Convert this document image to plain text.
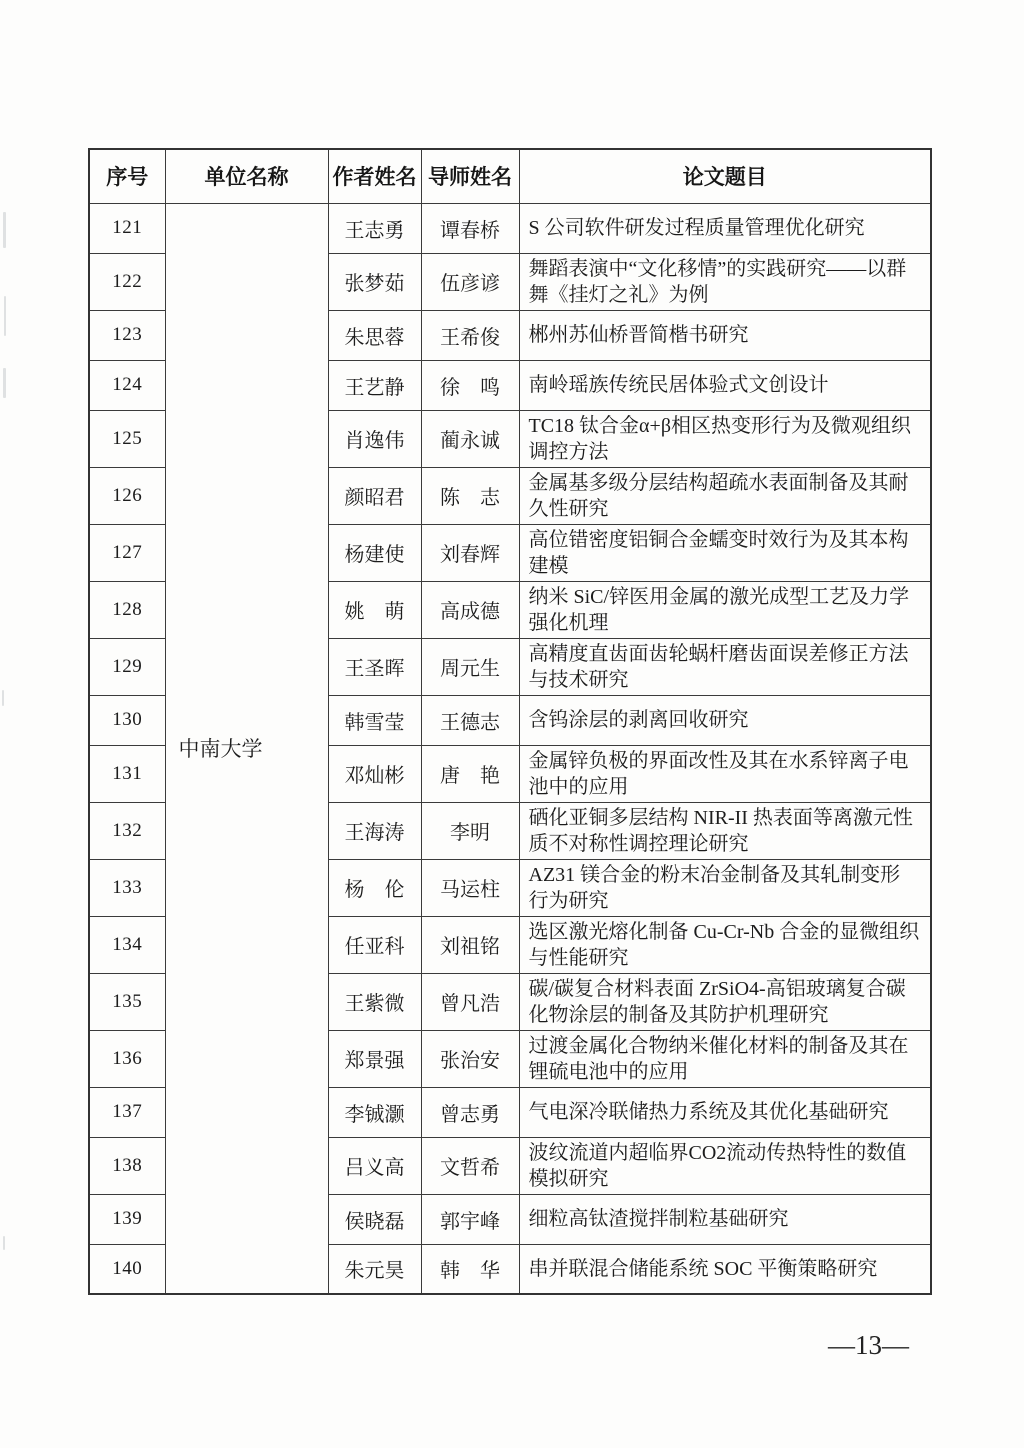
序号	单位名称	作者姓名	导师姓名	论文题目
121	中南大学	王志勇	谭春桥	S 公司软件研发过程质量管理优化研究
122		张梦茹	伍彦谚	舞蹈表演中“文化移情”的实践研究——以群舞《挂灯之礼》为例
123		朱思蓉	王希俊	郴州苏仙桥晋简楷书研究
124		王艺静	徐　鸣	南岭瑶族传统民居体验式文创设计
125		肖逸伟	蔺永诚	TC18 钛合金α+β相区热变形行为及微观组织调控方法
126		颜昭君	陈　志	金属基多级分层结构超疏水表面制备及其耐久性研究
127		杨建使	刘春辉	高位错密度铝铜合金蠕变时效行为及其本构建模
128		姚　萌	高成德	纳米 SiC/锌医用金属的激光成型工艺及力学强化机理
129		王圣晖	周元生	高精度直齿面齿轮蜗杆磨齿面误差修正方法与技术研究
130		韩雪莹	王德志	含钨涂层的剥离回收研究
131		邓灿彬	唐　艳	金属锌负极的界面改性及其在水系锌离子电池中的应用
132		王海涛	李明	硒化亚铜多层结构 NIR-II 热表面等离激元性质不对称性调控理论研究
133		杨　伦	马运柱	AZ31 镁合金的粉末冶金制备及其轧制变形行为研究
134		任亚科	刘祖铭	选区激光熔化制备 Cu-Cr-Nb 合金的显微组织与性能研究
135		王紫微	曾凡浩	碳/碳复合材料表面 ZrSiO4-高铝玻璃复合碳化物涂层的制备及其防护机理研究
136		郑景强	张治安	过渡金属化合物纳米催化材料的制备及其在锂硫电池中的应用
137		李铖灏	曾志勇	气电深冷联储热力系统及其优化基础研究
138		吕义高	文哲希	波纹流道内超临界CO2流动传热特性的数值模拟研究
139		侯晓磊	郭宇峰	细粒高钛渣搅拌制粒基础研究
140		朱元昊	韩　华	串并联混合储能系统 SOC 平衡策略研究
—13—
